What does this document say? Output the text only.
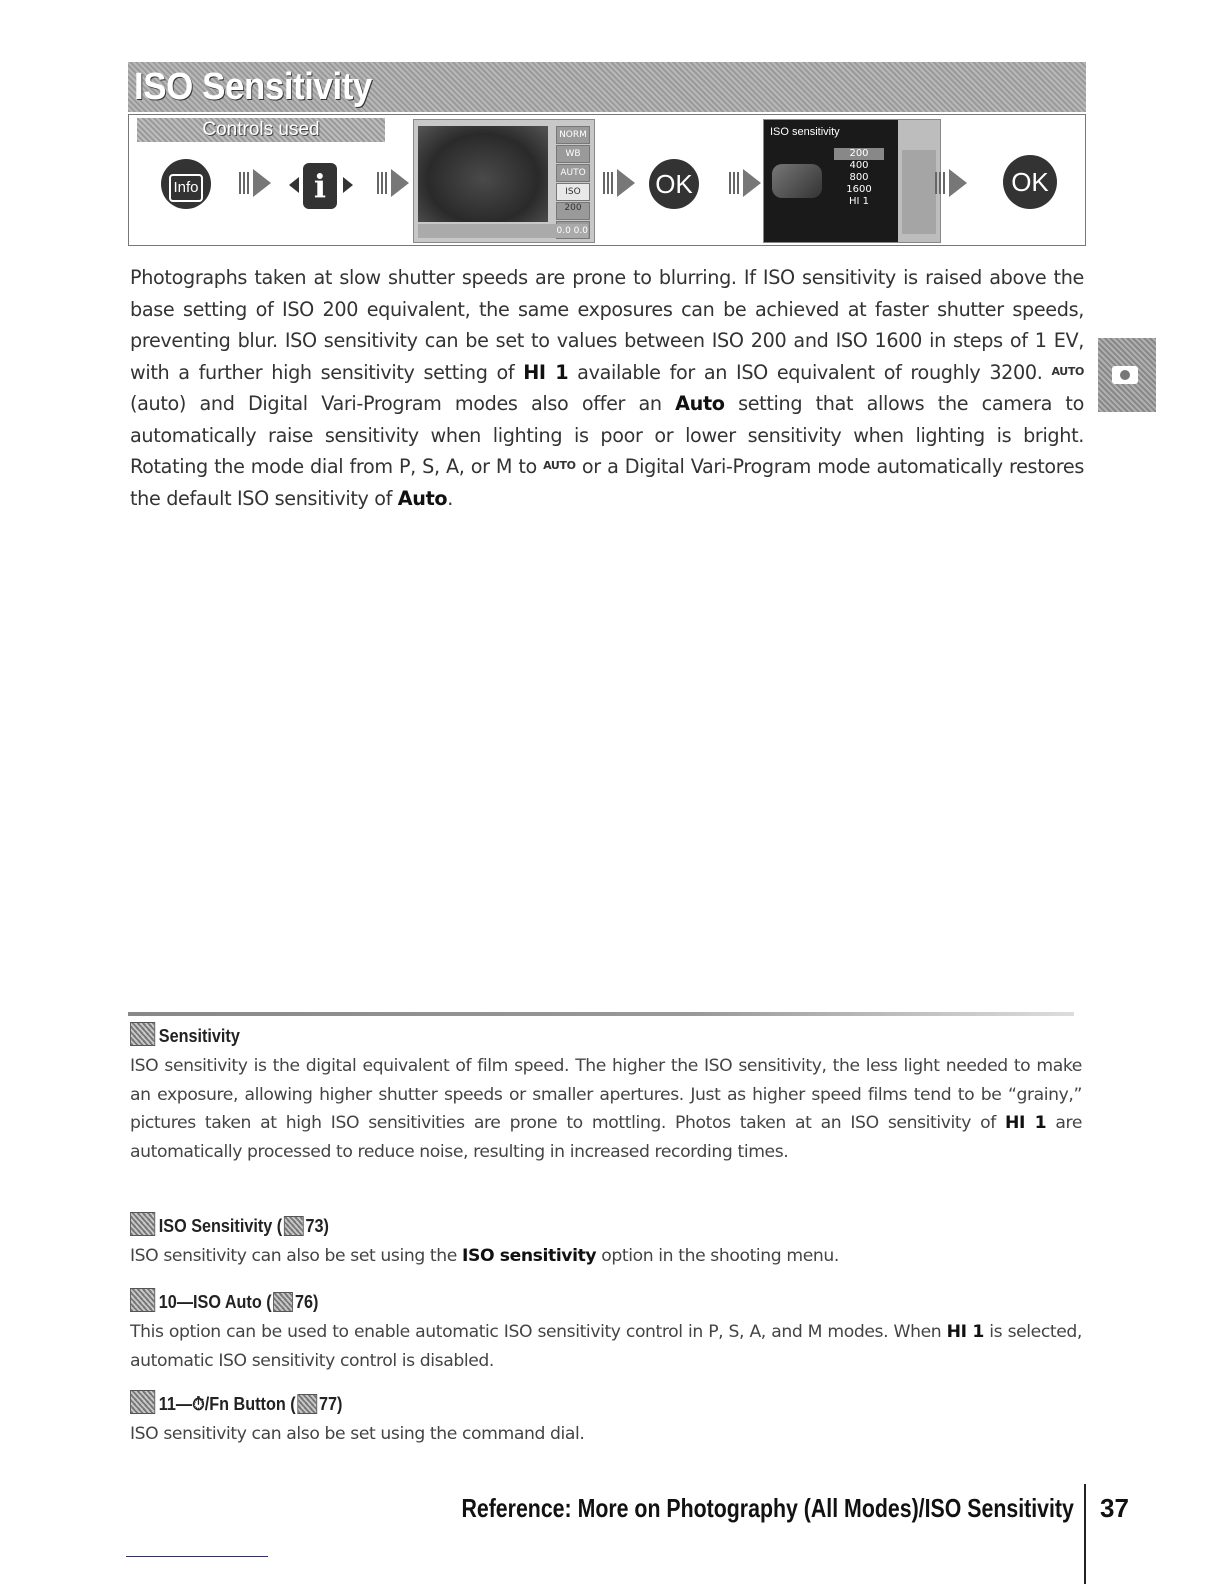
ISO Sensitivity
Controls used
Info	i
NORM
WB
AUTO
ISO 200
0.0 0.0
OK
ISO sensitivity
200
400
800
1600
HI 1
OK
Photographs taken at slow shutter speeds are prone to blurring. If ISO sensitivity is raised above the base setting of ISO 200 equivalent, the same exposures can be achieved at faster shutter speeds, preventing blur. ISO sensitivity can be set to values between ISO 200 and ISO 1600 in steps of 1 EV, with a further high sensitivity setting of HI 1 available for an ISO equivalent of roughly 3200. AUTO (auto) and Digital Vari-Program modes also offer an Auto setting that allows the camera to automatically raise sensitivity when lighting is poor or lower sensitivity when lighting is bright. Rotating the mode dial from P, S, A, or M to AUTO or a Digital Vari-Program mode automatically restores the default ISO sensitivity of Auto.
Sensitivity
ISO sensitivity is the digital equivalent of film speed. The higher the ISO sensitivity, the less light needed to make an exposure, allowing higher shutter speeds or smaller apertures. Just as higher speed films tend to be “grainy,” pictures taken at high ISO sensitivities are prone to mottling. Photos taken at an ISO sensitivity of HI 1 are automatically processed to reduce noise, resulting in increased recording times.
ISO Sensitivity ( 73)
ISO sensitivity can also be set using the ISO sensitivity option in the shooting menu.
10—ISO Auto ( 76)
This option can be used to enable automatic ISO sensitivity control in P, S, A, and M modes. When HI 1 is selected, automatic ISO sensitivity control is disabled.
11—⏱/Fn Button ( 77)
ISO sensitivity can also be set using the command dial.
Reference: More on Photography (All Modes)/ISO Sensitivity 37
